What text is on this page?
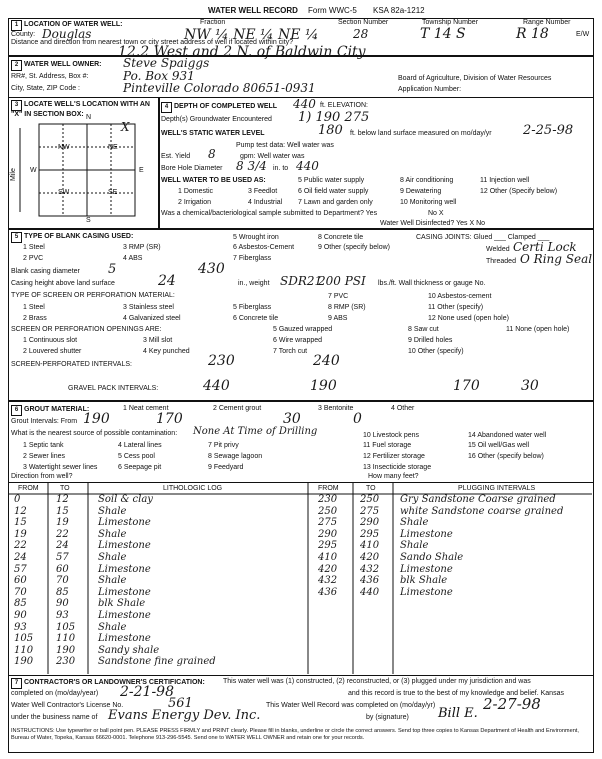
WATER WELL RECORD Form WWC-5 KSA 82a-1212
1 LOCATION OF WATER WELL:
County: Douglas
Fraction
NW ¼ NE ¼ NE ¼
Section Number
28
Township Number
T 14 S
Range Number
R 18	E/W
Distance and direction from nearest town or city street address of well if located within city?
12.2 West and 2 N. of Baldwin City
2 WATER WELL OWNER: Steve Spaiggs
RR#, St. Address, Box #:	Po. Box 931
City, State, ZIP Code :	Pinteville Colorado 80651-0931
Board of Agriculture, Division of Water Resources
Application Number:
3 LOCATE WELL'S LOCATION WITH AN "X" IN SECTION BOX: N
S
W	E
NW	NE
SW	SE
Mile
X
4 DEPTH OF COMPLETED WELL 440 ft. ELEVATION:
Depth(s) Groundwater Encountered 1) 190 275
WELL'S STATIC WATER LEVEL	180 ft. below land surface measured on mo/day/yr 2-25-98
Pump test data: Well water was
Est. Yield 8	gpm: Well water was
Bore Hole Diameter 8 3/4 in. to 440
WELL WATER TO BE USED AS:
1 Domestic
2 Irrigation
3 Feedlot
4 Industrial
5 Public water supply
6 Oil field water supply
7 Lawn and garden only
8 Air conditioning
9 Dewatering
10 Monitoring well
11 Injection well
12 Other (Specify below)
Was a chemical/bacteriological sample submitted to Department? Yes	No X
Water Well Disinfected? Yes X No
5 TYPE OF BLANK CASING USED:
1 Steel
2 PVC
3 RMP (SR)
4 ABS
5 Wrought iron
6 Asbestos-Cement
7 Fiberglass
8 Concrete tile
9 Other (specify below)
CASING JOINTS: Glued ___ Clamped ___
Welded Certi Lock
Threaded O Ring Seal
Blank casing diameter 5	430
Casing height above land surface	24	in., weight SDR21
200 PSI lbs./ft. Wall thickness or gauge No.
TYPE OF SCREEN OR PERFORATION MATERIAL:
1 Steel
2 Brass
3 Stainless steel
4 Galvanized steel
5 Fiberglass
6 Concrete tile
7 PVC
8 RMP (SR)
9 ABS
10 Asbestos-cement
11 Other (specify)
12 None used (open hole)
SCREEN OR PERFORATION OPENINGS ARE:
1 Continuous slot
2 Louvered shutter
3 Mill slot
4 Key punched
5 Gauzed wrapped
6 Wire wrapped
7 Torch cut
8 Saw cut
9 Drilled holes
10 Other (specify)
11 None (open hole)
SCREEN-PERFORATED INTERVALS:	230	240
GRAVEL PACK INTERVALS:	440	190	170	30
6 GROUT MATERIAL:	1 Neat cement	2 Cement grout	3 Bentonite	4 Other
Grout Intervals: From 190	170	30	0
What is the nearest source of possible contamination: None At Time of Drilling
1 Septic tank
2 Sewer lines
3 Watertight sewer lines
4 Lateral lines
5 Cess pool
6 Seepage pit
7 Pit privy
8 Sewage lagoon
9 Feedyard
10 Livestock pens
11 Fuel storage
12 Fertilizer storage
13 Insecticide storage
14 Abandoned water well
15 Oil well/Gas well
16 Other (specify below)
Direction from well?	How many feet?
FROM	TO	LITHOLOGIC LOG	FROM	TO	PLUGGING INTERVALS
7 CONTRACTOR'S OR LANDOWNER'S CERTIFICATION:	This water well was (1) constructed, (2) reconstructed, or (3) plugged under my jurisdiction and was
completed on (mo/day/year) 2-21-98	and this record is true to the best of my knowledge and belief. Kansas
Water Well Contractor's License No.	561	This Water Well Record was completed on (mo/day/yr)	2-27-98
under the business name of Evans Energy Dev. Inc.	by (signature) Bill E.
INSTRUCTIONS: Use typewriter or ball point pen. PLEASE PRESS FIRMLY and PRINT clearly. Please fill in blanks, underline or circle the correct answers. Send top three copies to Kansas Department of Health and Environment, Bureau of Water, Topeka, Kansas 66620-0001. Telephone 913-296-5545. Send one to WATER WELL OWNER and retain one for your records.
0	12	Soil & clay
12	15	Shale
15	19	Limestone
19	22	Shale
22	24	Limestone
24	57	Shale
57	60	Limestone
60	70	Shale
70	85	Limestone
85	90	blk Shale
90	93	Limestone
93	105 Shale
105 110 Limestone
110 190 Sandy shale
190 230 Sandstone fine grained
230 250 Gry Sandstone Coarse grained
250 275 white Sandstone coarse grained
275 290 Shale
290 295 Limestone
295 410 Shale
410 420 Sando Shale
420 432 Limestone
432 436 blk Shale
436 440 Limestone
